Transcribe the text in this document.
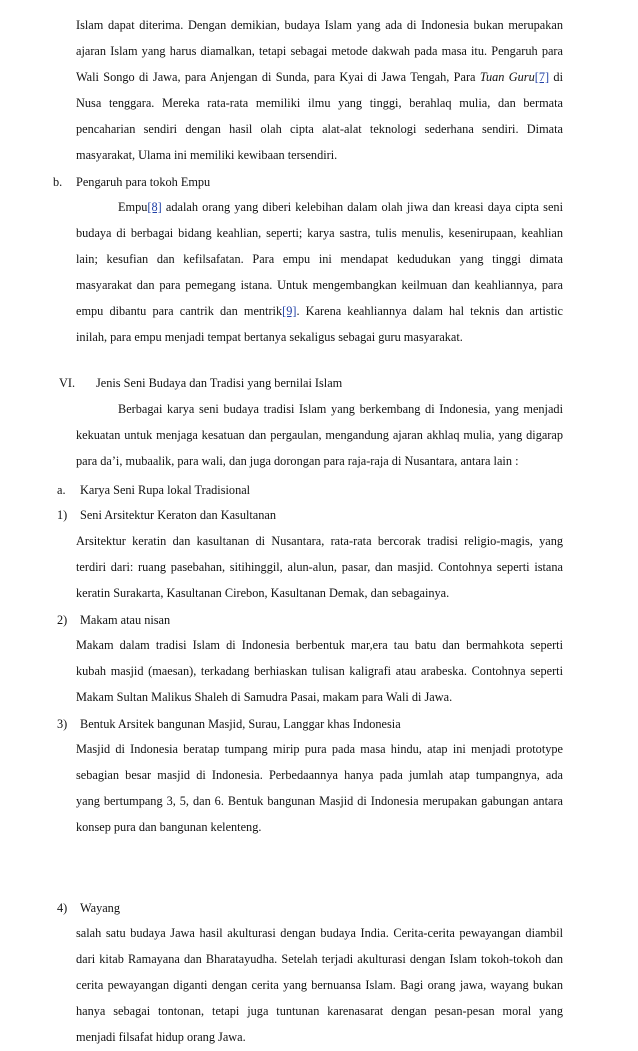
Islam dapat diterima. Dengan demikian, budaya Islam yang ada di Indonesia bukan merupakan
ajaran Islam yang harus diamalkan, tetapi sebagai metode dakwah pada masa itu. Pengaruh para
Wali Songo di Jawa, para Anjengan di Sunda, para Kyai di Jawa Tengah, Para Tuan Guru[7] di
Nusa tenggara. Mereka rata-rata memiliki ilmu yang tinggi, berahlaq mulia, dan bermata
pencaharian sendiri dengan hasil olah cipta alat-alat teknologi sederhana sendiri. Dimata
masyarakat, Ulama ini memiliki kewibaan tersendiri.
b. Pengaruh para tokoh Empu
Empu[8] adalah orang yang diberi kelebihan dalam olah jiwa dan kreasi daya cipta seni
budaya di berbagai bidang keahlian, seperti; karya sastra, tulis menulis, kesenirupaan, keahlian
lain; kesufian dan kefilsafatan. Para empu ini mendapat kedudukan yang tinggi dimata
masyarakat dan para pemegang istana. Untuk mengembangkan keilmuan dan keahliannya, para
empu dibantu para cantrik dan mentrik[9]. Karena keahliannya dalam hal teknis dan artistic
inilah, para empu menjadi tempat bertanya sekaligus sebagai guru masyarakat.
VI. Jenis Seni Budaya dan Tradisi yang bernilai Islam
Berbagai karya seni budaya tradisi Islam yang berkembang di Indonesia, yang menjadi
kekuatan untuk menjaga kesatuan dan pergaulan, mengandung ajaran akhlaq mulia, yang digarap
para da’i, mubaalik, para wali, dan juga dorongan para raja-raja di Nusantara, antara lain :
a. Karya Seni Rupa lokal Tradisional
1) Seni Arsitektur Keraton dan Kasultanan
Arsitektur keratin dan kasultanan di Nusantara, rata-rata bercorak tradisi religio-magis, yang
terdiri dari: ruang pasebahan, sitihinggil, alun-alun, pasar, dan masjid. Contohnya seperti istana
keratin Surakarta, Kasultanan Cirebon, Kasultanan Demak, dan sebagainya.
2) Makam atau nisan
Makam dalam tradisi Islam di Indonesia berbentuk mar,era tau batu dan bermahkota seperti
kubah masjid (maesan), terkadang berhiaskan tulisan kaligrafi atau arabeska. Contohnya seperti
Makam Sultan Malikus Shaleh di Samudra Pasai, makam para Wali di Jawa.
3) Bentuk Arsitek bangunan Masjid, Surau, Langgar khas Indonesia
Masjid di Indonesia beratap tumpang mirip pura pada masa hindu, atap ini menjadi prototype
sebagian besar masjid di Indonesia. Perbedaannya hanya pada jumlah atap tumpangnya, ada
yang bertumpang 3, 5, dan 6. Bentuk bangunan Masjid di Indonesia merupakan gabungan antara
konsep pura dan bangunan kelenteng.
4) Wayang
salah satu budaya Jawa hasil akulturasi dengan budaya India. Cerita-cerita pewayangan diambil
dari kitab Ramayana dan Bharatayudha. Setelah terjadi akulturasi dengan Islam tokoh-tokoh dan
cerita pewayangan diganti dengan cerita yang bernuansa Islam. Bagi orang jawa, wayang bukan
hanya sebagai tontonan, tetapi juga tuntunan karenasarat dengan pesan-pesan moral yang
menjadi filsafat hidup orang Jawa.
